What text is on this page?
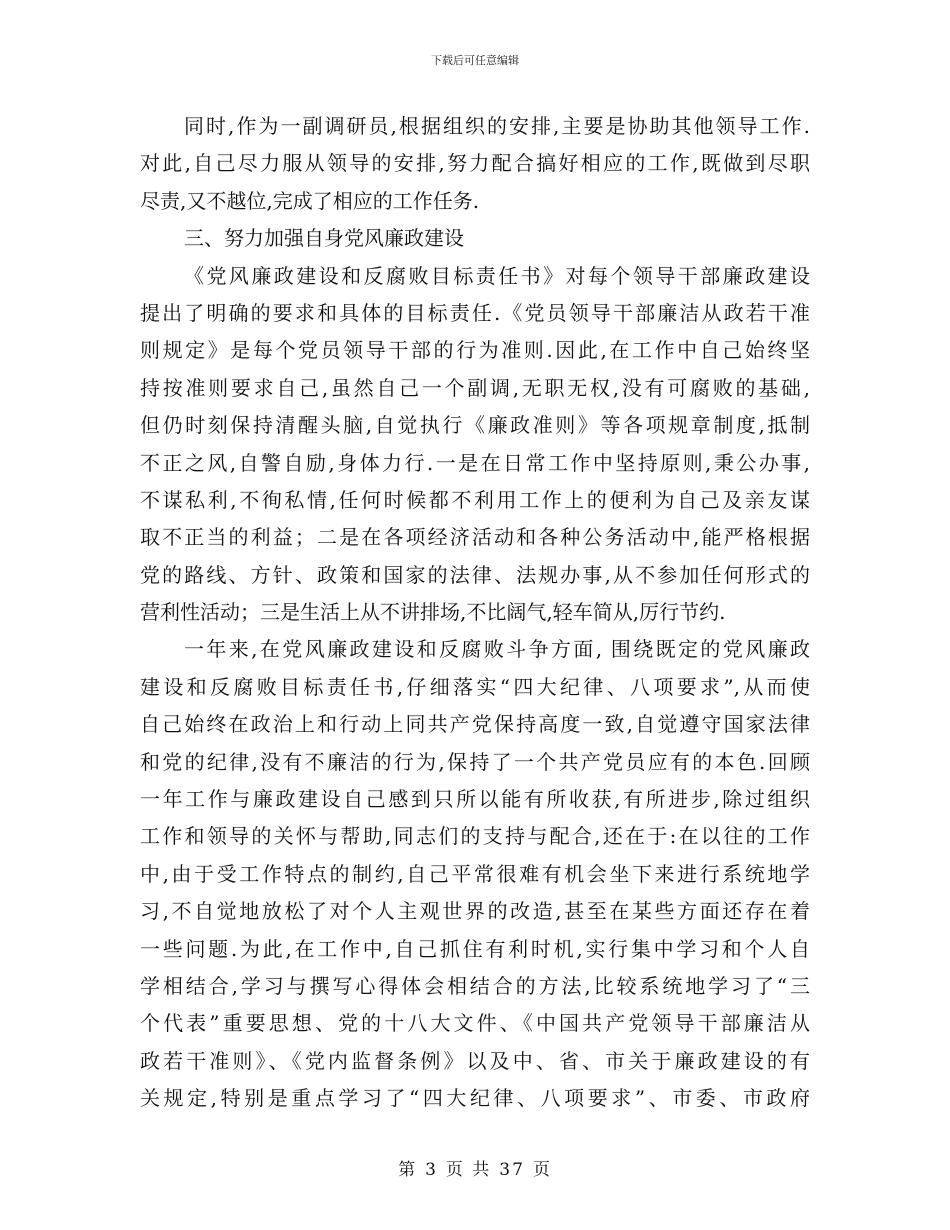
下载后可任意编辑
同时,作为一副调研员,根据组织的安排,主要是协助其他领导工作.
对此,自己尽力服从领导的安排,努力配合搞好相应的工作,既做到尽职
尽责,又不越位,完成了相应的工作任务.
三、努力加强自身党风廉政建设
《党风廉政建设和反腐败目标责任书》对每个领导干部廉政建设
提出了明确的要求和具体的目标责任.《党员领导干部廉洁从政若干准
则规定》是每个党员领导干部的行为准则.因此,在工作中自己始终坚
持按准则要求自己,虽然自己一个副调,无职无权,没有可腐败的基础,
但仍时刻保持清醒头脑,自觉执行《廉政准则》等各项规章制度,抵制
不正之风,自警自励,身体力行.一是在日常工作中坚持原则,秉公办事,
不谋私利,不徇私情,任何时候都不利用工作上的便利为自己及亲友谋
取不正当的利益；二是在各项经济活动和各种公务活动中,能严格根据
党的路线、方针、政策和国家的法律、法规办事,从不参加任何形式的
营利性活动；三是生活上从不讲排场,不比阔气,轻车简从,厉行节约.
一年来,在党风廉政建设和反腐败斗争方面, 围绕既定的党风廉政
建设和反腐败目标责任书,仔细落实“四大纪律、八项要求”,从而使
自己始终在政治上和行动上同共产党保持高度一致,自觉遵守国家法律
和党的纪律,没有不廉洁的行为,保持了一个共产党员应有的本色.回顾
一年工作与廉政建设自己感到只所以能有所收获,有所进步,除过组织
工作和领导的关怀与帮助,同志们的支持与配合,还在于:在以往的工作
中,由于受工作特点的制约,自己平常很难有机会坐下来进行系统地学
习,不自觉地放松了对个人主观世界的改造,甚至在某些方面还存在着
一些问题.为此,在工作中,自己抓住有利时机,实行集中学习和个人自
学相结合,学习与撰写心得体会相结合的方法,比较系统地学习了“三
个代表”重要思想、党的十八大文件、《中国共产党领导干部廉洁从
政若干准则》、《党内监督条例》以及中、省、市关于廉政建设的有
关规定,特别是重点学习了“四大纪律、八项要求”、市委、市政府
第 3 页 共 37 页
